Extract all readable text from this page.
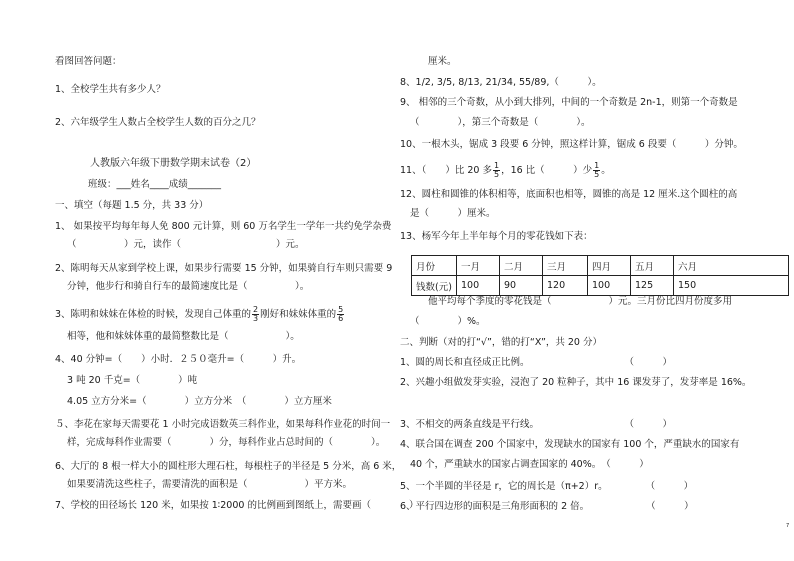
看图回答问题：
1、全校学生共有多少人？
2、六年级学生人数占全校学生人数的百分之几？
人教版六年级下册数学期末试卷（2）
班级：___姓名____成绩_______
一、填空（每题 1.5 分，共 33 分）
1、 如果按平均每年每人免 800 元计算，则 60 万名学生一学年一共约免学杂费
（　　　　　）元，读作（　　　　　　　　　　）元。
2、陈明每天从家到学校上课，如果步行需要 15 分钟，如果骑自行车则只需要 9
分钟，他步行和骑自行车的最简速度比是（　　　　　）。
3、陈明和妹妹在体检的时候，发现自己体重的 $\frac{2}{3}$ 刚好和妹妹体重的 $\frac{5}{6}$
相等，他和妹妹体重的最简整数比是（　　　　　　）。
4、40 分钟=（　　）小时．２５０毫升=（　　　）升。
3 吨 20 千克=（　　　　）吨
4.05 立方分米=（　　　　）立方分米　（　　　　）立方厘米
５、李花在家每天需要花 1 小时完成语数英三科作业，如果每科作业花的时间一
样，完成每科作业需要（　　　　）分，每科作业占总时间的（　　　　）。
6、大厅的 8 根一样大小的圆柱形大理石柱，每根柱子的半径是 5 分米，高 6 米，
如果要清洗这些柱子，需要清洗的面积是（　　　　　　）平方米。
7、学校的田径场长 120 米，如果按 1∶2000 的比例画到图纸上，需要画（　　　　）
厘米。
8、1/2, 3/5, 8/13, 21/34, 55/89,（　　　）。
9、 相邻的三个奇数，从小到大排列，中间的一个奇数是 2n-1，则第一个奇数是
（　　　　），第三个奇数是（　　　　）。
10、一根木头，锯成 3 段要 6 分钟，照这样计算，锯成 6 段要（　　　）分钟。
11、（　　）比 20 多 $\frac{1}{5}$ ，16 比（　　　）少 $\frac{1}{5}$ 。
12、圆柱和圆锥的体积相等，底面积也相等，圆锥的高是 12 厘米.这个圆柱的高
是（　　　）厘米。
13、杨军今年上半年每个月的零花钱如下表：
月份	一月	二月	三月	四月	五月	六月
钱数(元)	100	90	120	100	125	150
他平均每个季度的零花钱是（　　　　　　）元。三月份比四月份度多用
（　　　　）%。
二、判断（对的打“√”，错的打“X”，共 20 分）
1、圆的周长和直径成正比例。　　　　　　　　　　　（　　　）
2、兴趣小组做发芽实验，浸泡了 20 粒种子，其中 16 课发芽了，发芽率是 16%。
3、不相交的两条直线是平行线。　　　　　　　　　　（　　　）
4、联合国在调查 200 个国家中，发现缺水的国家有 100 个，严重缺水的国家有
40 个，严重缺水的国家占调查国家的 40%。　（　　　）
5、一个半圆的半径是 r，它的周长是（π+2）r。　　　　　（　　　）
6、平行四边形的面积是三角形面积的 2 倍。　　　　　　　（　　　）
7
